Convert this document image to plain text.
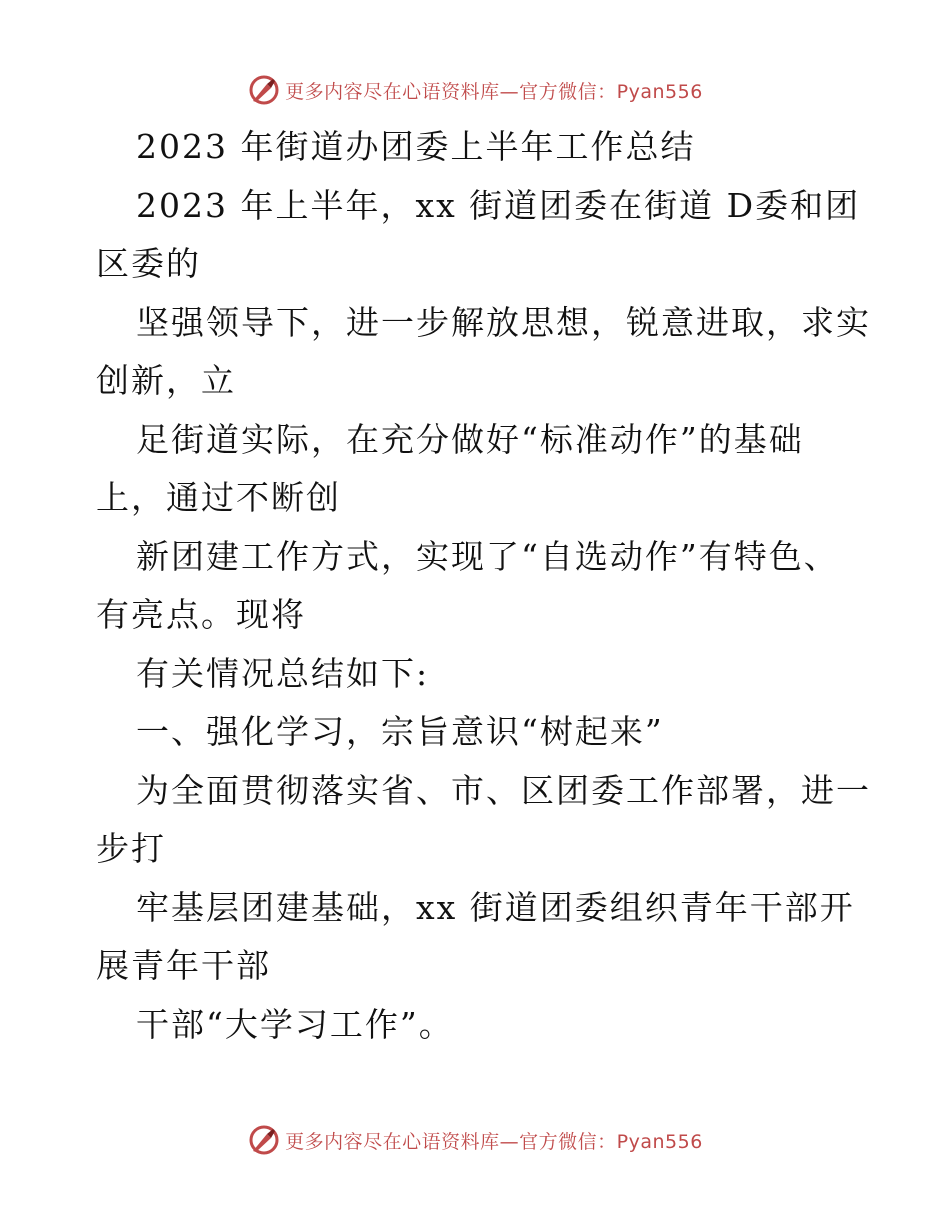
更多内容尽在心语资料库—官方微信：Pyan556
2023 年街道办团委上半年工作总结
2023 年上半年，xx 街道团委在街道 D委和团
区委的
坚强领导下，进一步解放思想，锐意进取，求实
创新，立
足街道实际，在充分做好“标准动作”的基础
上，通过不断创
新团建工作方式，实现了“自选动作”有特色、
有亮点。现将
有关情况总结如下:
一、强化学习，宗旨意识“树起来”
为全面贯彻落实省、市、区团委工作部署，进一
步打
牢基层团建基础，xx 街道团委组织青年干部开
展青年干部
干部“大学习工作”。
更多内容尽在心语资料库—官方微信：Pyan556
